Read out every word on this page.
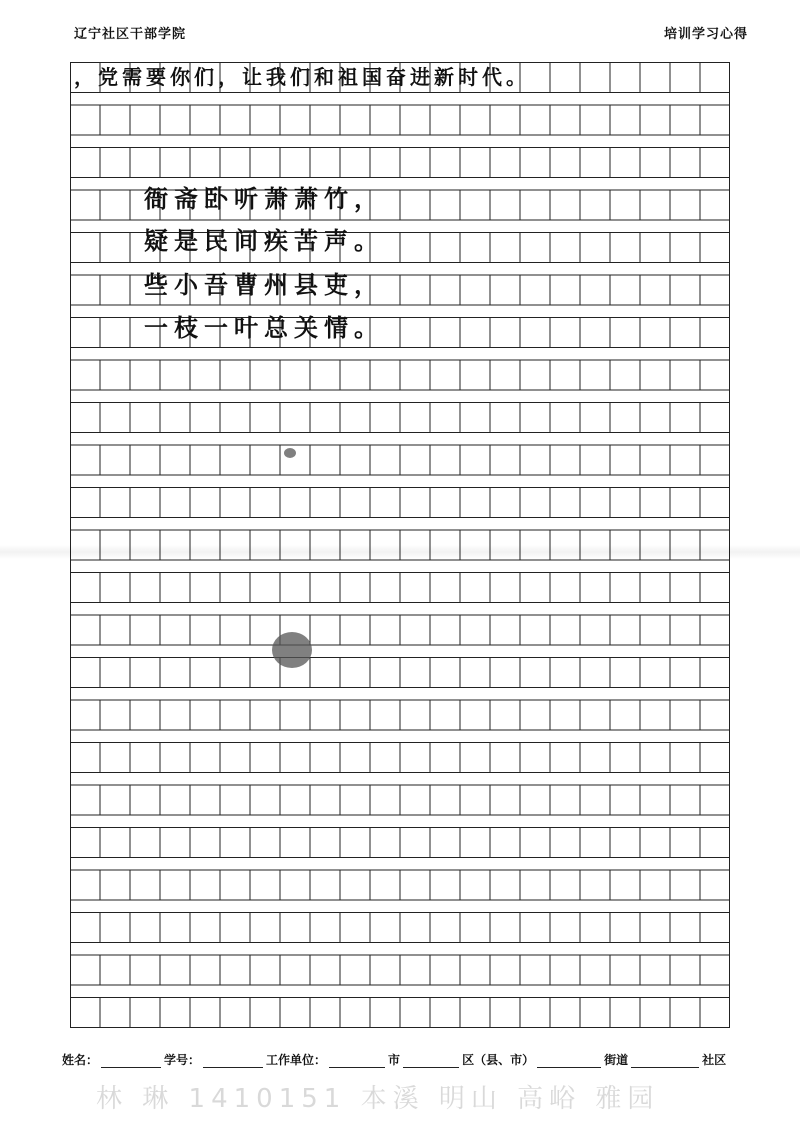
辽宁社区干部学院	培训学习心得
，党需要你们，让我们和祖国奋进新时代。
衙斋卧听萧萧竹，
疑是民间疾苦声。
些小吾曹州县吏，
一枝一叶总关情。
姓名：	学号：	工作单位：	市	区（县、市）	街道	社区
林 琳 1410151 本溪 明山 高峪 雅园
